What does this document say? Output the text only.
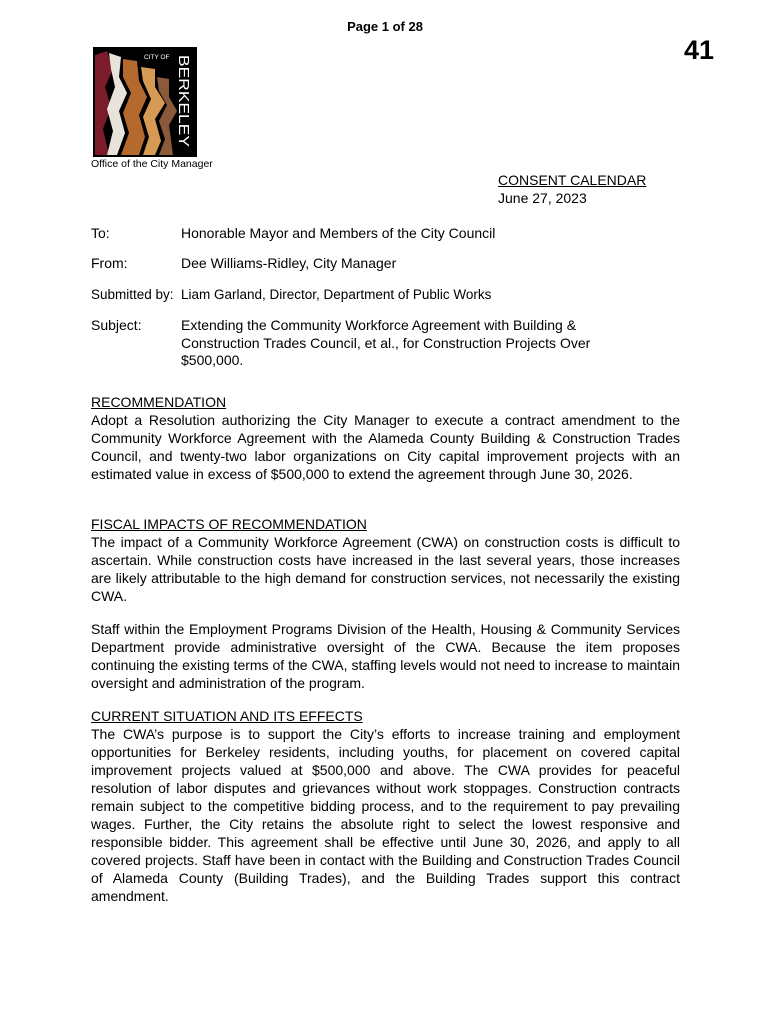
Page 1 of 28
41
CITY OF BERKELEY
Office of the City Manager
CONSENT CALENDAR
June 27, 2023
To:	Honorable Mayor and Members of the City Council
From:	Dee Williams-Ridley, City Manager
Submitted by: Liam Garland, Director, Department of Public Works
Subject:	Extending the Community Workforce Agreement with Building & Construction Trades Council, et al., for Construction Projects Over $500,000.
RECOMMENDATION
Adopt a Resolution authorizing the City Manager to execute a contract amendment to the Community Workforce Agreement with the Alameda County Building & Construction Trades Council, and twenty-two labor organizations on City capital improvement projects with an estimated value in excess of $500,000 to extend the agreement through June 30, 2026.
FISCAL IMPACTS OF RECOMMENDATION
The impact of a Community Workforce Agreement (CWA) on construction costs is difficult to ascertain. While construction costs have increased in the last several years, those increases are likely attributable to the high demand for construction services, not necessarily the existing CWA.
Staff within the Employment Programs Division of the Health, Housing & Community Services Department provide administrative oversight of the CWA. Because the item proposes continuing the existing terms of the CWA, staffing levels would not need to increase to maintain oversight and administration of the program.
CURRENT SITUATION AND ITS EFFECTS
The CWA’s purpose is to support the City’s efforts to increase training and employment opportunities for Berkeley residents, including youths, for placement on covered capital improvement projects valued at $500,000 and above. The CWA provides for peaceful resolution of labor disputes and grievances without work stoppages. Construction contracts remain subject to the competitive bidding process, and to the requirement to pay prevailing wages. Further, the City retains the absolute right to select the lowest responsive and responsible bidder. This agreement shall be effective until June 30, 2026, and apply to all covered projects. Staff have been in contact with the Building and Construction Trades Council of Alameda County (Building Trades), and the Building Trades support this contract amendment.
